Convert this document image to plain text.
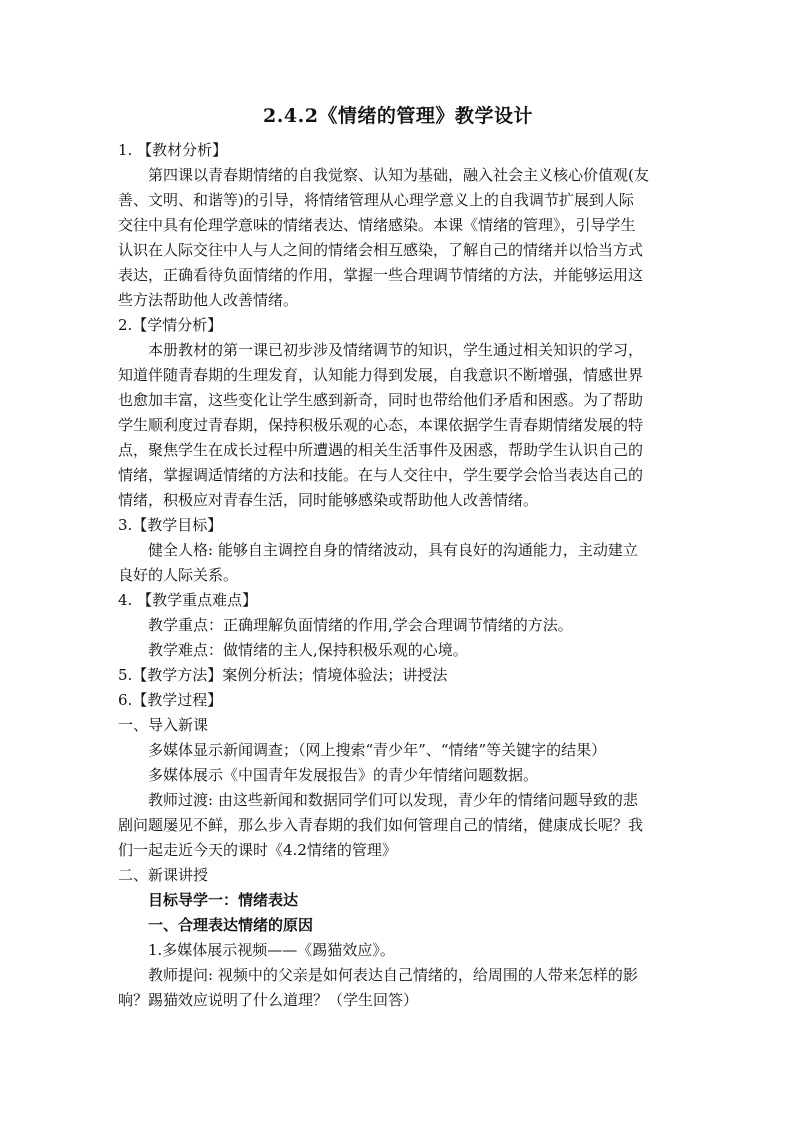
2.4.2《情绪的管理》教学设计

1. 【教材分析】

第四课以青春期情绪的自我觉察、认知为基础，融入社会主义核心价值观(友

善、文明、和谐等)的引导，将情绪管理从心理学意义上的自我调节扩展到人际

交往中具有伦理学意味的情绪表达、情绪感染。本课《情绪的管理》，引导学生

认识在人际交往中人与人之间的情绪会相互感染，了解自己的情绪并以恰当方式

表达，正确看待负面情绪的作用，掌握一些合理调节情绪的方法，并能够运用这

些方法帮助他人改善情绪。

2.【学情分析】

本册教材的第一课已初步涉及情绪调节的知识，学生通过相关知识的学习，

知道伴随青春期的生理发育，认知能力得到发展，自我意识不断增强，情感世界

也愈加丰富，这些变化让学生感到新奇，同时也带给他们矛盾和困惑。为了帮助

学生顺利度过青春期，保持积极乐观的心态，本课依据学生青春期情绪发展的特

点，聚焦学生在成长过程中所遭遇的相关生活事件及困惑，帮助学生认识自己的

情绪，掌握调适情绪的方法和技能。在与人交往中，学生要学会恰当表达自己的

情绪，积极应对青春生活，同时能够感染或帮助他人改善情绪。

3.【教学目标】

健全人格: 能够自主调控自身的情绪波动，具有良好的沟通能力，主动建立

良好的人际关系。

4. 【教学重点难点】

教学重点：正确理解负面情绪的作用,学会合理调节情绪的方法。

教学难点：做情绪的主人,保持积极乐观的心境。

5.【教学方法】案例分析法；情境体验法；讲授法

6.【教学过程】

一、导入新课

多媒体显示新闻调查；（网上搜索“青少年”、“情绪”等关键字的结果）

多媒体展示《中国青年发展报告》的青少年情绪问题数据。

教师过渡: 由这些新闻和数据同学们可以发现，青少年的情绪问题导致的悲

剧问题屡见不鲜，那么步入青春期的我们如何管理自己的情绪，健康成长呢？我

们一起走近今天的课时《4.2情绪的管理》

二、新课讲授

目标导学一：情绪表达

一、合理表达情绪的原因

1.多媒体展示视频——《踢猫效应》。

教师提问: 视频中的父亲是如何表达自己情绪的，给周围的人带来怎样的影

响？踢猫效应说明了什么道理？（学生回答）
